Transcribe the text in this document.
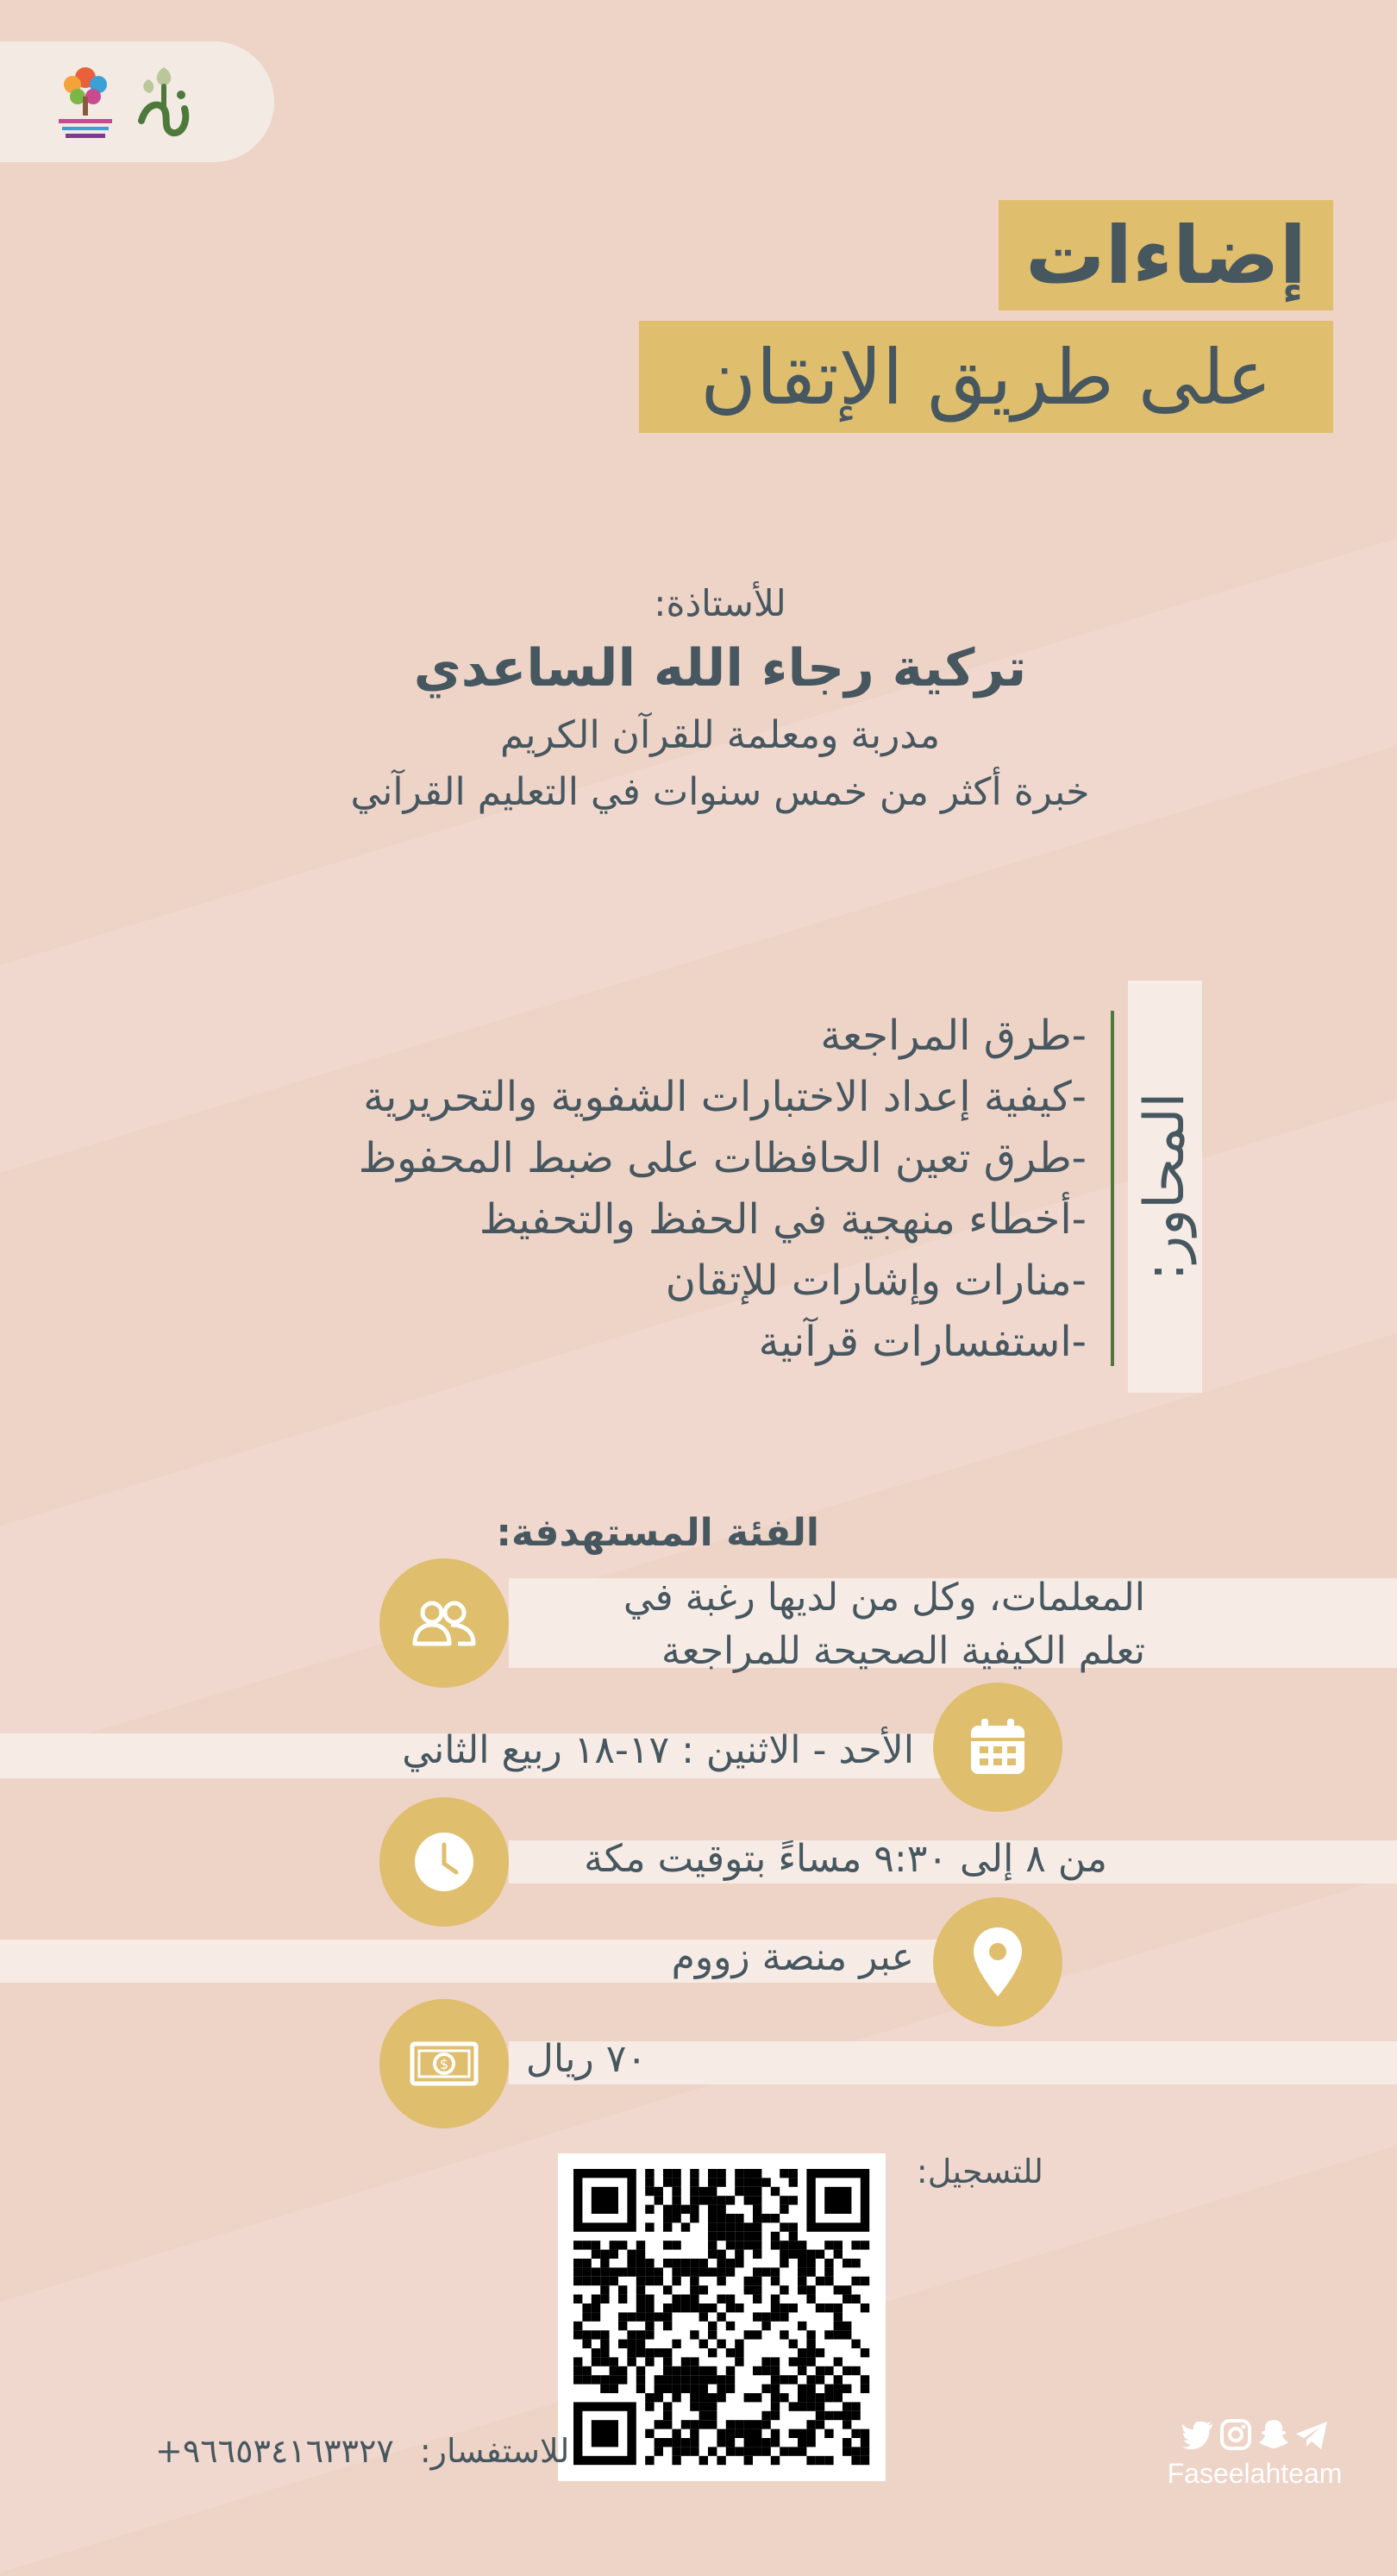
إضاءات
على طريق الإتقان
للأستاذة:
تركية رجاء الله الساعدي
مدربة ومعلمة للقرآن الكريم
خبرة أكثر من خمس سنوات في التعليم القرآني
المحاور:
-طرق المراجعة
-كيفية إعداد الاختبارات الشفوية والتحريرية
-طرق تعين الحافظات على ضبط المحفوظ
-أخطاء منهجية في الحفظ والتحفيظ
-منارات وإشارات للإتقان
-استفسارات قرآنية
الفئة المستهدفة:
المعلمات، وكل من لديها رغبة في
تعلم الكيفية الصحيحة للمراجعة
الأحد - الاثنين : ١٧-١٨ ربيع الثاني
من ٨ إلى ٩:٣٠ مساءً بتوقيت مكة
عبر منصة زووم
$ ٧٠ ريال
للتسجيل:
+٩٦٦٥٣٤١٦٣٣٢٧ للاستفسار:

Faseelahteam
